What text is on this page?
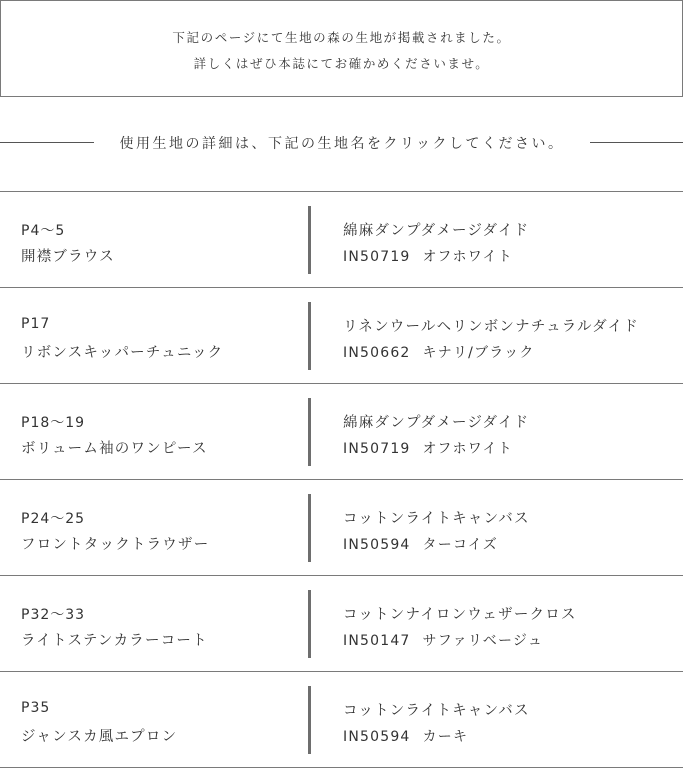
下記のページにて生地の森の生地が掲載されました。
詳しくはぜひ本誌にてお確かめくださいませ。
使用生地の詳細は、下記の生地名をクリックしてください。
P4～5
開襟ブラウス
綿麻ダンプダメージダイド
IN50719 オフホワイト
P17
リボンスキッパーチュニック
リネンウールヘリンボンナチュラルダイド
IN50662 キナリ/ブラック
P18～19
ボリューム袖のワンピース
綿麻ダンプダメージダイド
IN50719 オフホワイト
P24～25
フロントタックトラウザー
コットンライトキャンバス
IN50594 ターコイズ
P32～33
ライトステンカラーコート
コットンナイロンウェザークロス
IN50147 サファリベージュ
P35
ジャンスカ風エプロン
コットンライトキャンバス
IN50594 カーキ
